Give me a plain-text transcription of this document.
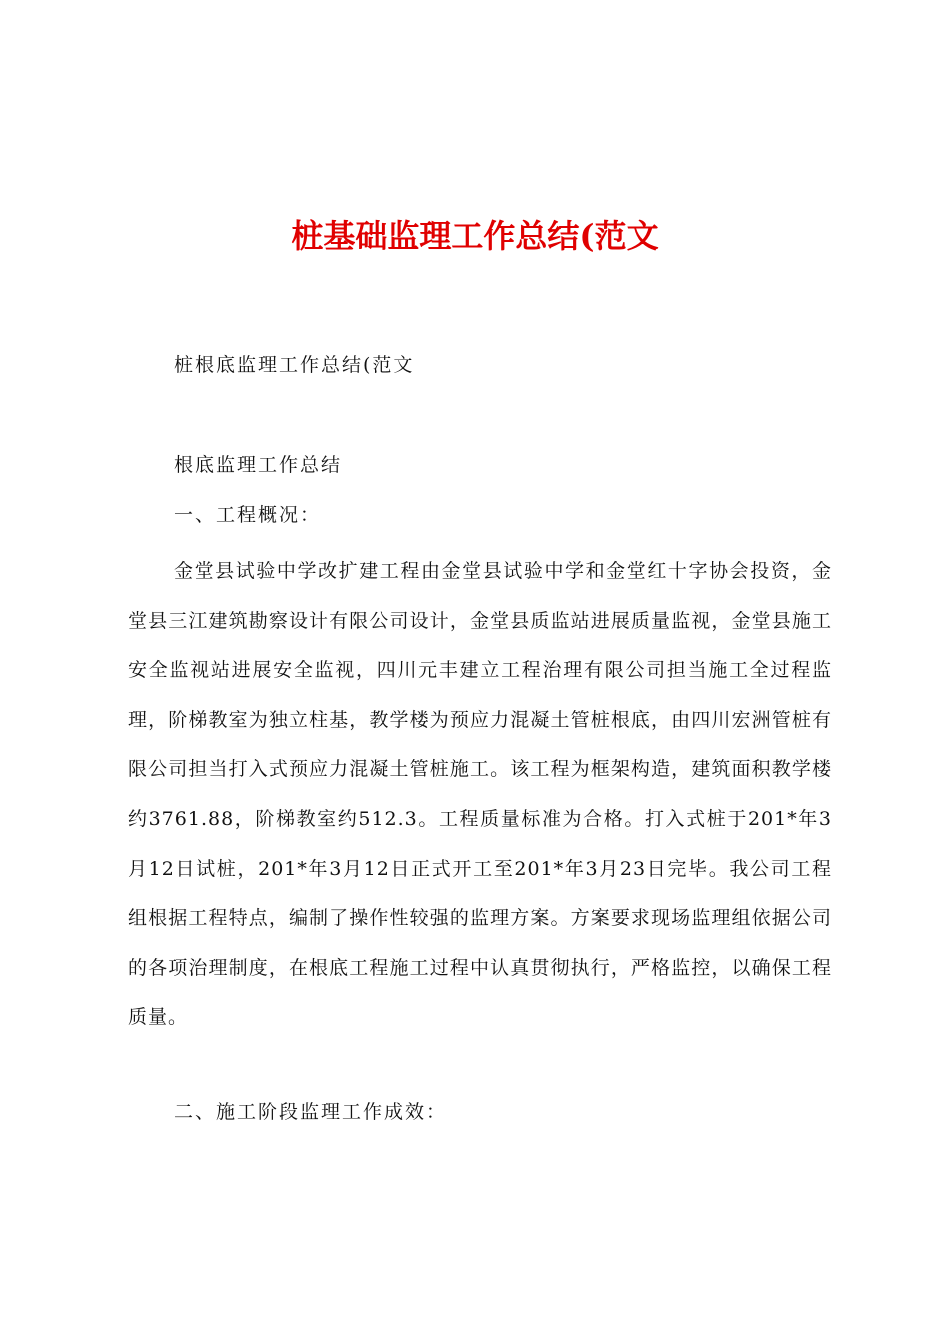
桩基础监理工作总结(范文

桩根底监理工作总结(范文

根底监理工作总结

一、工程概况：

金堂县试验中学改扩建工程由金堂县试验中学和金堂红十字协会投资，金堂县三江建筑勘察设计有限公司设计，金堂县质监站进展质量监视，金堂县施工安全监视站进展安全监视，四川元丰建立工程治理有限公司担当施工全过程监理，阶梯教室为独立柱基，教学楼为预应力混凝土管桩根底，由四川宏洲管桩有限公司担当打入式预应力混凝土管桩施工。该工程为框架构造，建筑面积教学楼约3761.88，阶梯教室约512.3。工程质量标准为合格。打入式桩于201*年3月12日试桩，201*年3月12日正式开工至201*年3月23日完毕。我公司工程组根据工程特点，编制了操作性较强的监理方案。方案要求现场监理组依据公司的各项治理制度，在根底工程施工过程中认真贯彻执行，严格监控，以确保工程质量。

二、施工阶段监理工作成效：
